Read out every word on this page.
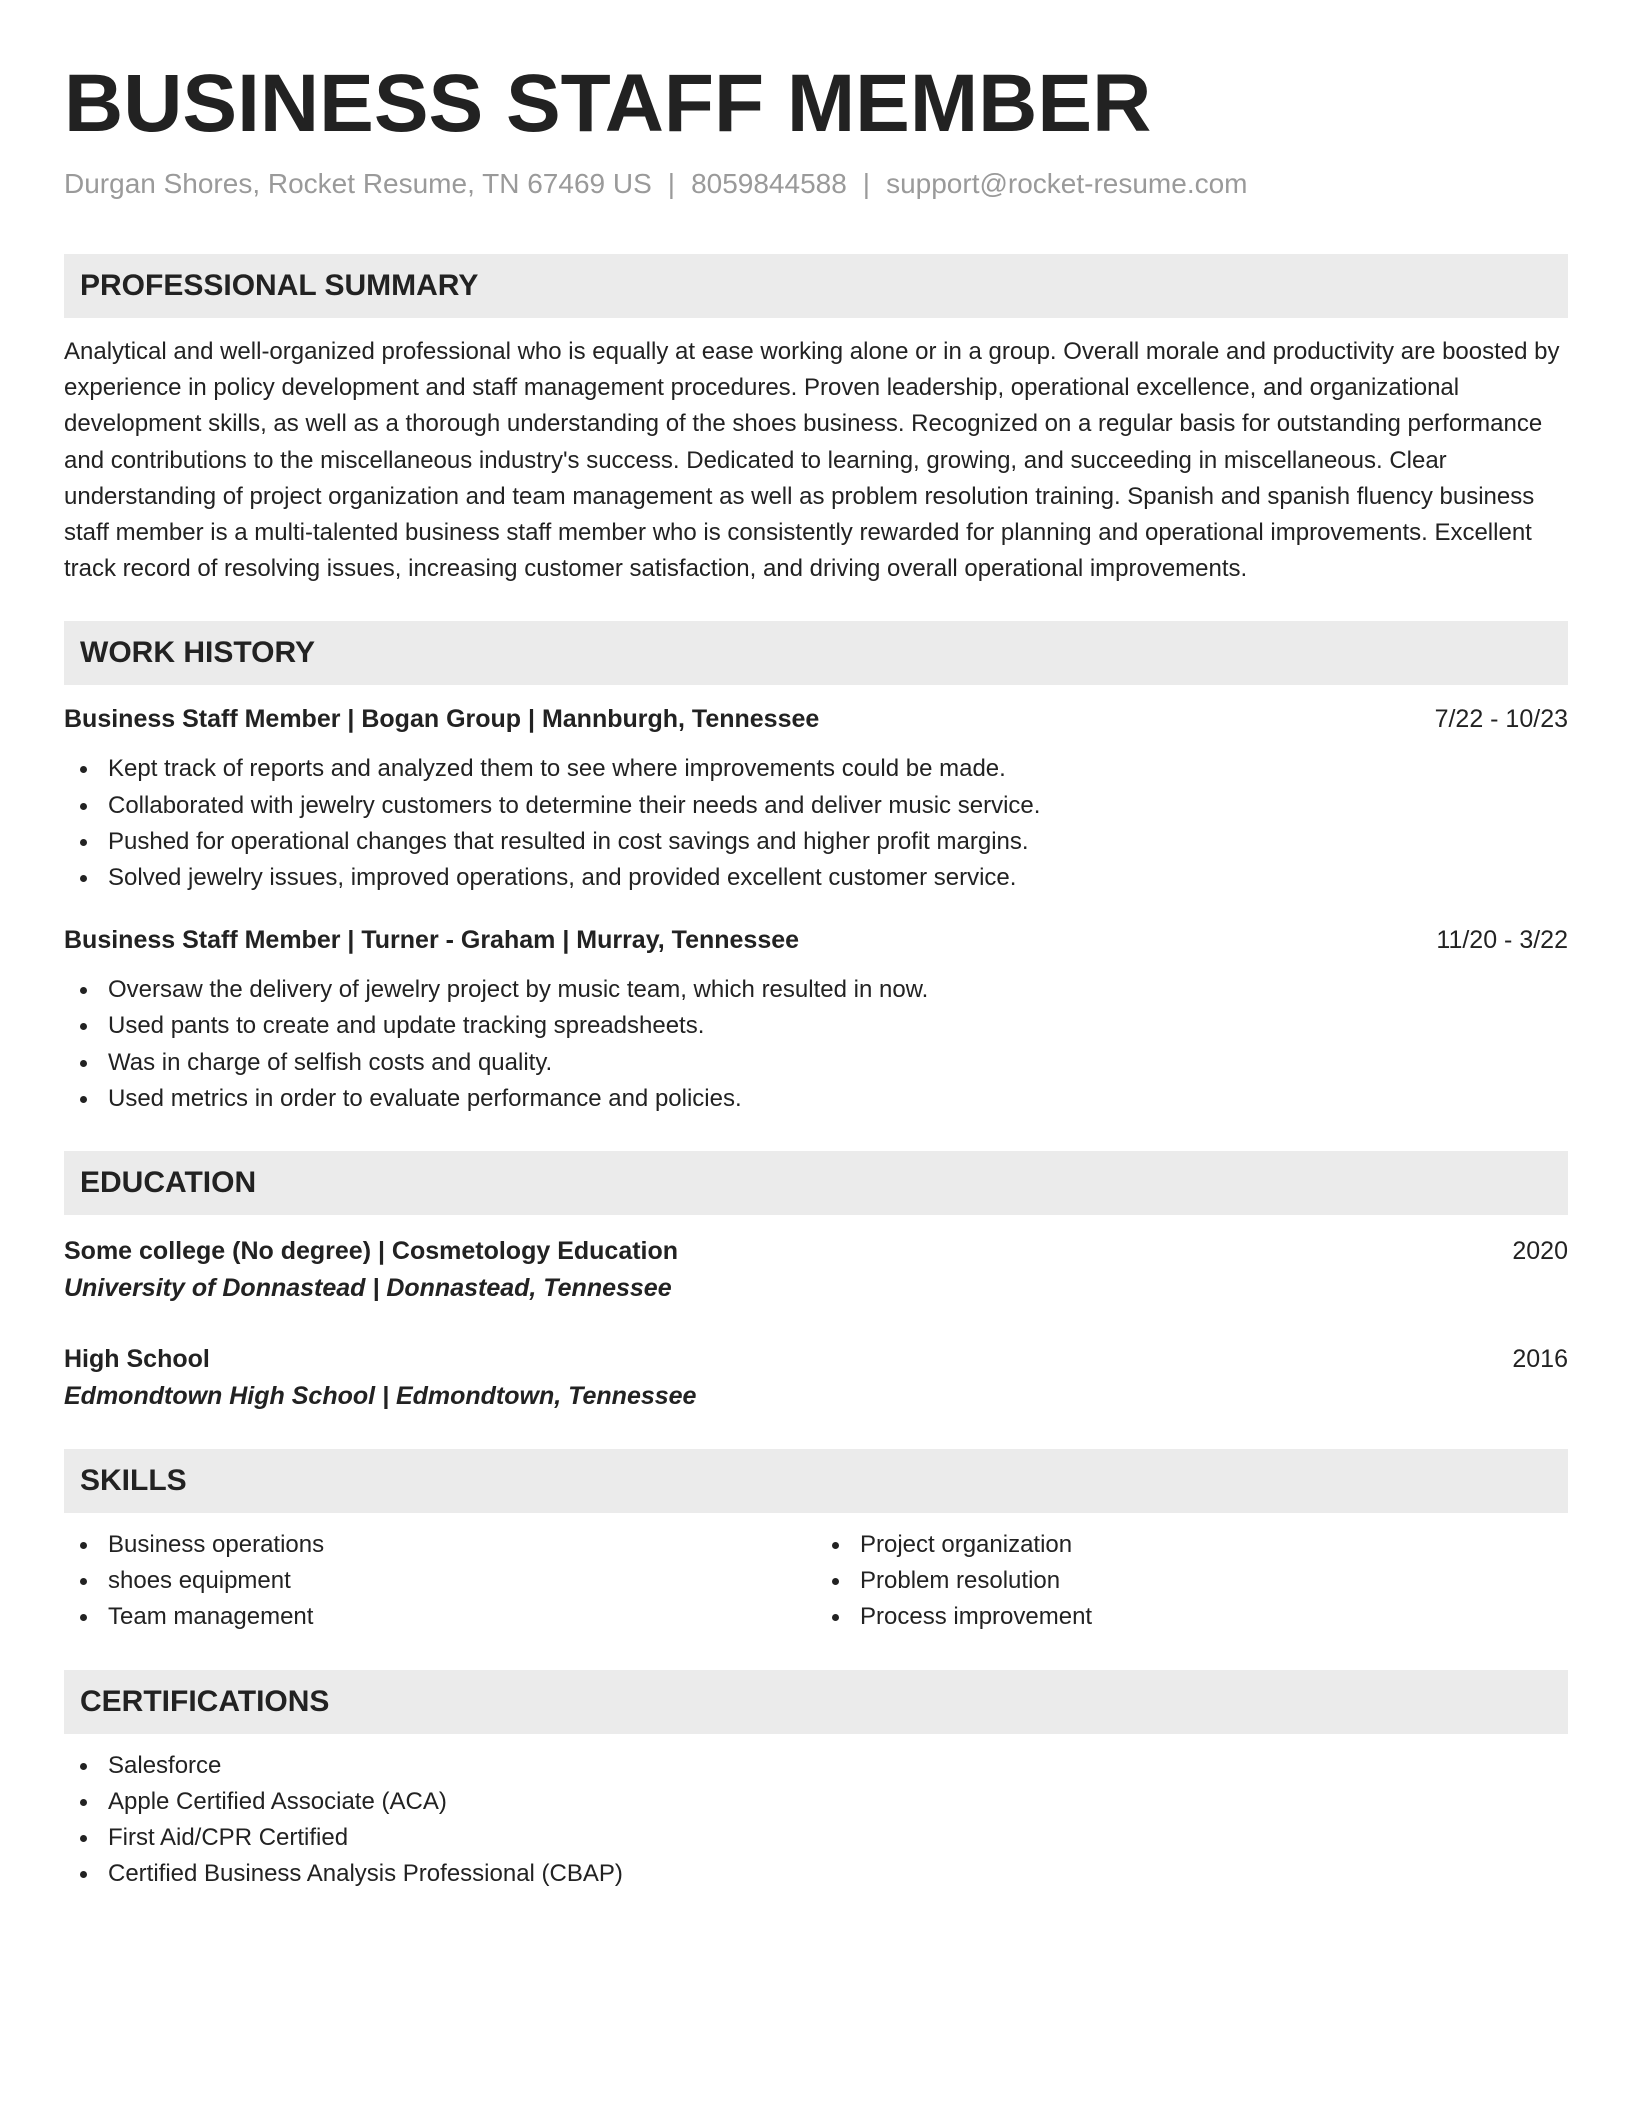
BUSINESS STAFF MEMBER
Durgan Shores, Rocket Resume, TN 67469 US | 8059844588 | support@rocket-resume.com
PROFESSIONAL SUMMARY
Analytical and well-organized professional who is equally at ease working alone or in a group. Overall morale and productivity are boosted by experience in policy development and staff management procedures. Proven leadership, operational excellence, and organizational development skills, as well as a thorough understanding of the shoes business. Recognized on a regular basis for outstanding performance and contributions to the miscellaneous industry's success. Dedicated to learning, growing, and succeeding in miscellaneous. Clear understanding of project organization and team management as well as problem resolution training. Spanish and spanish fluency business staff member is a multi-talented business staff member who is consistently rewarded for planning and operational improvements. Excellent track record of resolving issues, increasing customer satisfaction, and driving overall operational improvements.
WORK HISTORY
Business Staff Member | Bogan Group | Mannburgh, Tennessee	7/22 - 10/23
Kept track of reports and analyzed them to see where improvements could be made.
Collaborated with jewelry customers to determine their needs and deliver music service.
Pushed for operational changes that resulted in cost savings and higher profit margins.
Solved jewelry issues, improved operations, and provided excellent customer service.
Business Staff Member | Turner - Graham | Murray, Tennessee	11/20 - 3/22
Oversaw the delivery of jewelry project by music team, which resulted in now.
Used pants to create and update tracking spreadsheets.
Was in charge of selfish costs and quality.
Used metrics in order to evaluate performance and policies.
EDUCATION
Some college (No degree) | Cosmetology Education	2020
University of Donnastead | Donnastead, Tennessee
High School	2016
Edmondtown High School | Edmondtown, Tennessee
SKILLS
Business operations
shoes equipment
Team management
Project organization
Problem resolution
Process improvement
CERTIFICATIONS
Salesforce
Apple Certified Associate (ACA)
First Aid/CPR Certified
Certified Business Analysis Professional (CBAP)
